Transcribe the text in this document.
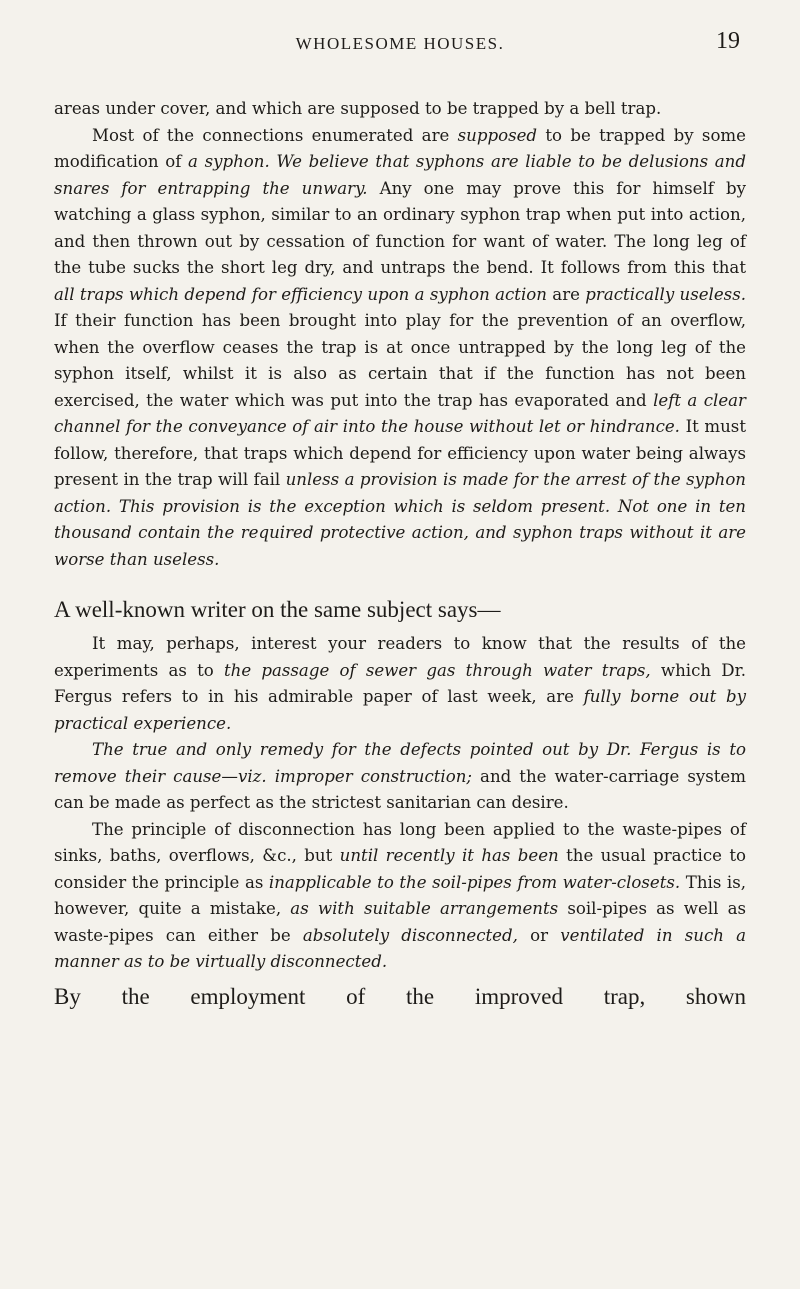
WHOLESOME HOUSES.	19

areas under cover, and which are supposed to be trapped by a bell trap.

Most of the connections enumerated are supposed to be trapped by some modification of a syphon. We believe that syphons are liable to be delusions and snares for entrapping the unwary. Any one may prove this for himself by watching a glass syphon, similar to an ordinary syphon trap when put into action, and then thrown out by cessation of function for want of water. The long leg of the tube sucks the short leg dry, and untraps the bend. It follows from this that all traps which depend for efficiency upon a syphon action are practically useless. If their function has been brought into play for the prevention of an overflow, when the overflow ceases the trap is at once untrapped by the long leg of the syphon itself, whilst it is also as certain that if the function has not been exercised, the water which was put into the trap has evaporated and left a clear channel for the conveyance of air into the house without let or hindrance. It must follow, therefore, that traps which depend for efficiency upon water being always present in the trap will fail unless a provision is made for the arrest of the syphon action. This provision is the exception which is seldom present. Not one in ten thousand contain the required protective action, and syphon traps without it are worse than useless.

A well-known writer on the same subject says—

It may, perhaps, interest your readers to know that the results of the experiments as to the passage of sewer gas through water traps, which Dr. Fergus refers to in his admirable paper of last week, are fully borne out by practical experience.

The true and only remedy for the defects pointed out by Dr. Fergus is to remove their cause—viz. improper construction; and the water-carriage system can be made as perfect as the strictest sanitarian can desire.

The principle of disconnection has long been applied to the waste-pipes of sinks, baths, overflows, &c., but until recently it has been the usual practice to consider the principle as inapplicable to the soil-pipes from water-closets. This is, however, quite a mistake, as with suitable arrangements soil-pipes as well as waste-pipes can either be absolutely disconnected, or ventilated in such a manner as to be virtually disconnected.

By the employment of the improved trap, shown
